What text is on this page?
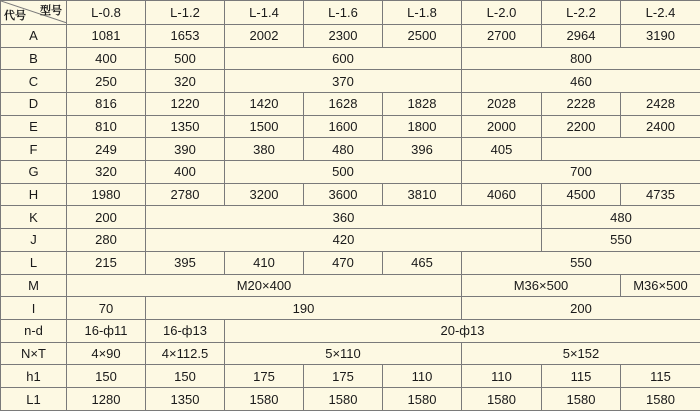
型号
代号	L-0.8	L-1.2	L-1.4	L-1.6	L-1.8	L-2.0	L-2.2	L-2.4
A	1081	1653	2002	2300	2500	2700	2964	3190
B	400	500	600			800		
C	250	320	370			460		
D	816	1220	1420	1628	1828	2028	2228	2428
E	810	1350	1500	1600	1800	2000	2200	2400
F	249	390	380	480	396	405		
G	320	400	500			700		
H	1980	2780	3200	3600	3810	4060	4500	4735
K	200	360					480	
J	280	420					550	
L	215	395	410	470	465	550		
M	M20×400					M36×500		M36×500
I	70	190				200		
n-d	16-ф11	16-ф13	20-ф13					
N×T	4×90	4×112.5	5×110			5×152		
h1	150	150	175	175	110	110	115	115
L1	1280	1350	1580	1580	1580	1580	1580	1580
